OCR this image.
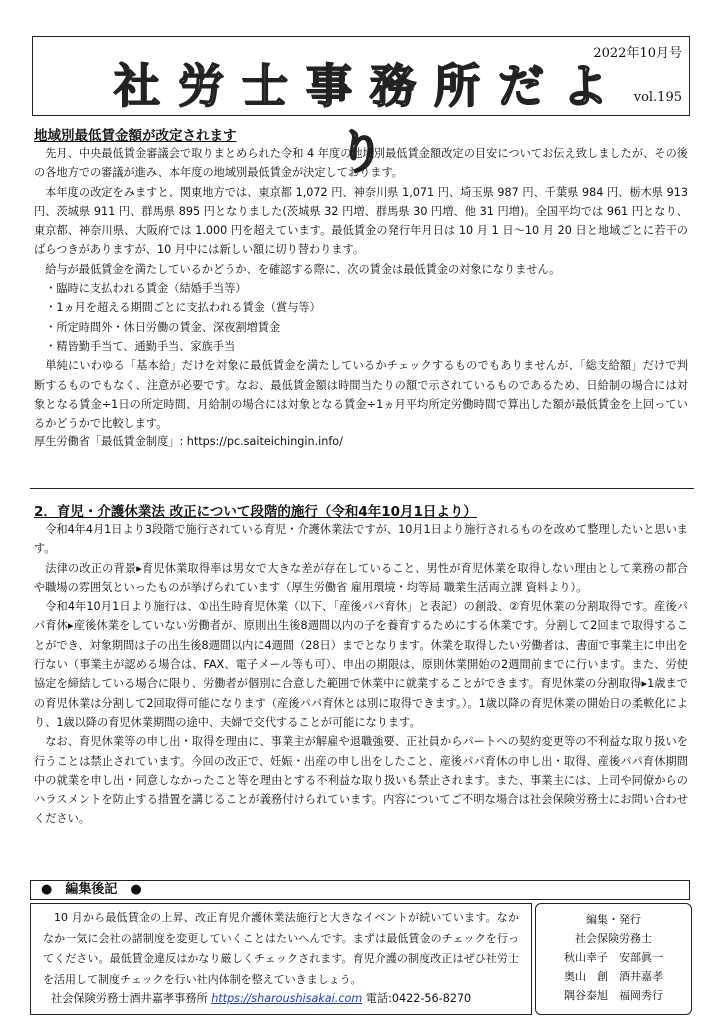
社労士事務所だより
2022年10月号
vol.195
地域別最低賃金額が改定されます
先月、中央最低賃金審議会で取りまとめられた令和 4 年度の地域別最低賃金額改定の目安についてお伝え致しましたが、その後の各地方での審議が進み、本年度の地域別最低賃金が決定しております。
本年度の改定をみますと、関東地方では、東京都 1,072 円、神奈川県 1,071 円、埼玉県 987 円、千葉県 984 円、栃木県 913 円、茨城県 911 円、群馬県 895 円となりました(茨城県 32 円増、群馬県 30 円増、他 31 円増)。全国平均では 961 円となり、東京都、神奈川県、大阪府では 1.000 円を超えています。最低賃金の発行年月日は 10 月 1 日～10 月 20 日と地域ごとに若干のばらつきがありますが、10 月中には新しい額に切り替わります。
給与が最低賃金を満たしているかどうか、を確認する際に、次の賃金は最低賃金の対象になりません。
・臨時に支払われる賃金（結婚手当等）
・1ヵ月を超える期間ごとに支払われる賃金（賞与等）
・所定時間外・休日労働の賃金、深夜割増賃金
・精皆勤手当て、通勤手当、家族手当
単純にいわゆる「基本給」だけを対象に最低賃金を満たしているかチェックするものでもありませんが、「総支給額」だけで判断するものでもなく、注意が必要です。なお、最低賃金額は時間当たりの額で示されているものであるため、日給制の場合には対象となる賃金÷1日の所定時間、月給制の場合には対象となる賃金÷1ヵ月平均所定労働時間で算出した額が最低賃金を上回っているかどうかで比較します。
厚生労働省「最低賃金制度」: https://pc.saiteichingin.info/
2．育児・介護休業法 改正について段階的施行（令和4年10月1日より）
令和4年4月1日より3段階で施行されている育児・介護休業法ですが、10月1日より施行されるものを改めて整理したいと思います。
法律の改正の背景▸育児休業取得率は男女で大きな差が存在していること、男性が育児休業を取得しない理由として業務の都合や職場の雰囲気といったものが挙げられています（厚生労働省 雇用環境・均等局 職業生活両立課 資料より）。
令和4年10月1日より施行は、①出生時育児休業（以下、「産後パパ育休」と表記）の創設、②育児休業の分割取得です。産後パパ育休▸産後休業をしていない労働者が、原則出生後8週間以内の子を養育するためにする休業です。分割して2回まで取得することができ、対象期間は子の出生後8週間以内に4週間（28日）までとなります。休業を取得したい労働者は、書面で事業主に申出を行ない（事業主が認める場合は、FAX、電子メール等も可）、申出の期限は、原則休業開始の2週間前までに行います。また、労使協定を締結している場合に限り、労働者が個別に合意した範囲で休業中に就業することができます。育児休業の分割取得▸1歳までの育児休業は分割して2回取得可能になります（産後パパ育休とは別に取得できます。）。1歳以降の育児休業の開始日の柔軟化により、1歳以降の育児休業期間の途中、夫婦で交代することが可能になります。
なお、育児休業等の申し出・取得を理由に、事業主が解雇や退職強要、正社員からパートへの契約変更等の不利益な取り扱いを行うことは禁止されています。今回の改正で、妊娠・出産の申し出をしたこと、産後パパ育休の申し出・取得、産後パパ育休期間中の就業を申し出・同意しなかったこと等を理由とする不利益な取り扱いも禁止されます。また、事業主には、上司や同僚からのハラスメントを防止する措置を講じることが義務付けられています。内容についてご不明な場合は社会保険労務士にお問い合わせください。
●　編集後記　●
10 月から最低賃金の上昇、改正育児介護休業法施行と大きなイベントが続いています。なかなか一気に会社の諸制度を変更していくことはたいへんです。まずは最低賃金のチェックを行ってください。最低賃金違反はかなり厳しくチェックされます。育児介護の制度改正はぜひ社労士を活用して制度チェックを行い社内体制を整えていきましょう。
社会保険労務士酒井嘉孝事務所 https://sharoushisakai.com 電話:0422-56-8270
編集・発行
社会保険労務士
秋山幸子　安部眞一
奥山　創　酒井嘉孝
隅谷泰旭　福岡秀行
